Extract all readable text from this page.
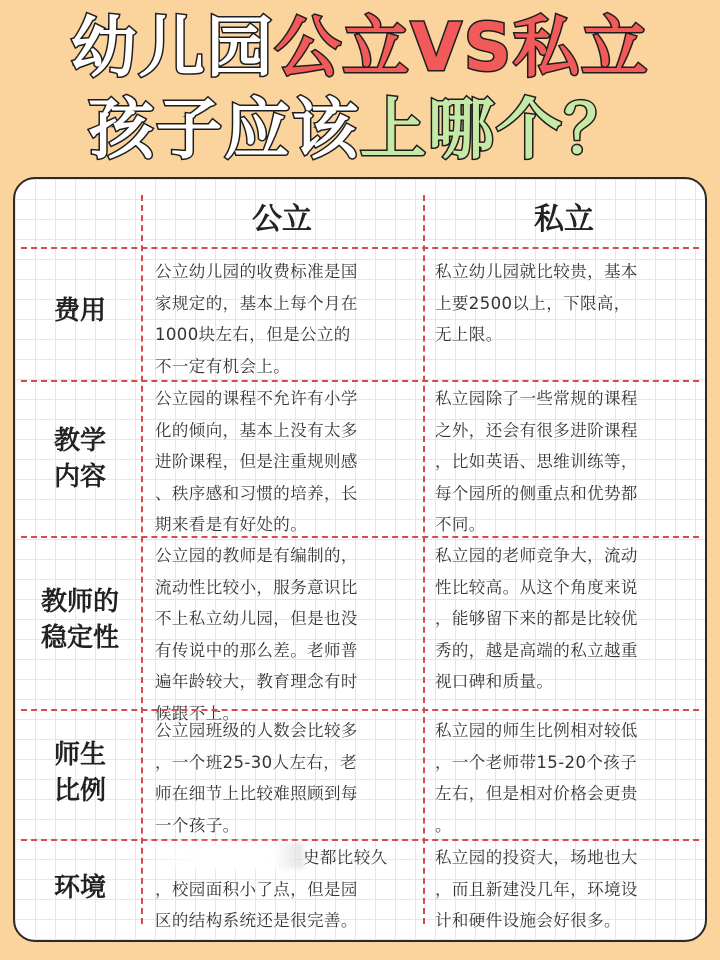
幼儿园公立VS私立
孩子应该上哪个？
公立	私立
费用
公立幼儿园的收费标准是国
家规定的，基本上每个月在
1000块左右，但是公立的
不一定有机会上。
私立幼儿园就比较贵，基本
上要2500以上，下限高，
无上限。
教学
内容
公立园的课程不允许有小学
化的倾向，基本上没有太多
进阶课程，但是注重规则感
、秩序感和习惯的培养，长
期来看是有好处的。
私立园除了一些常规的课程
之外，还会有很多进阶课程
，比如英语、思维训练等，
每个园所的侧重点和优势都
不同。
教师的
稳定性
公立园的教师是有编制的，
流动性比较小，服务意识比
不上私立幼儿园，但是也没
有传说中的那么差。老师普
遍年龄较大，教育理念有时
候跟不上。
私立园的老师竞争大，流动
性比较高。从这个角度来说
，能够留下来的都是比较优
秀的，越是高端的私立越重
视口碑和质量。
师生
比例
公立园班级的人数会比较多
，一个班25-30人左右，老
师在细节上比较难照顾到每
一个孩子。
私立园的师生比例相对较低
，一个老师带15-20个孩子
左右，但是相对价格会更贵
。
环境
史都比较久
，校园面积小了点，但是园
区的结构系统还是很完善。
私立园的投资大，场地也大
，而且新建没几年，环境设
计和硬件设施会好很多。
